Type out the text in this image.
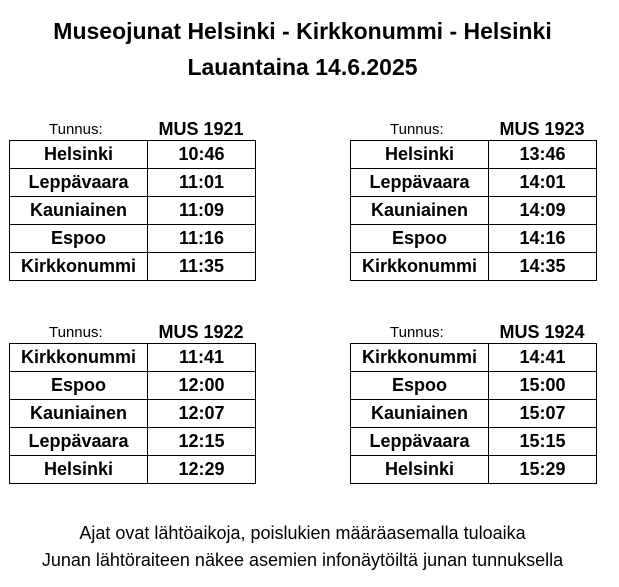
Museojunat Helsinki - Kirkkonummi - Helsinki
Lauantaina 14.6.2025
Tunnus:	MUS 1921
Helsinki	10:46
Leppävaara	11:01
Kauniainen	11:09
Espoo	11:16
Kirkkonummi	11:35
Tunnus:	MUS 1923
Helsinki	13:46
Leppävaara	14:01
Kauniainen	14:09
Espoo	14:16
Kirkkonummi	14:35
Tunnus:	MUS 1922
Kirkkonummi	11:41
Espoo	12:00
Kauniainen	12:07
Leppävaara	12:15
Helsinki	12:29
Tunnus:	MUS 1924
Kirkkonummi	14:41
Espoo	15:00
Kauniainen	15:07
Leppävaara	15:15
Helsinki	15:29
Ajat ovat lähtöaikoja, poislukien määräasemalla tuloaika
Junan lähtöraiteen näkee asemien infonäytöiltä junan tunnuksella
